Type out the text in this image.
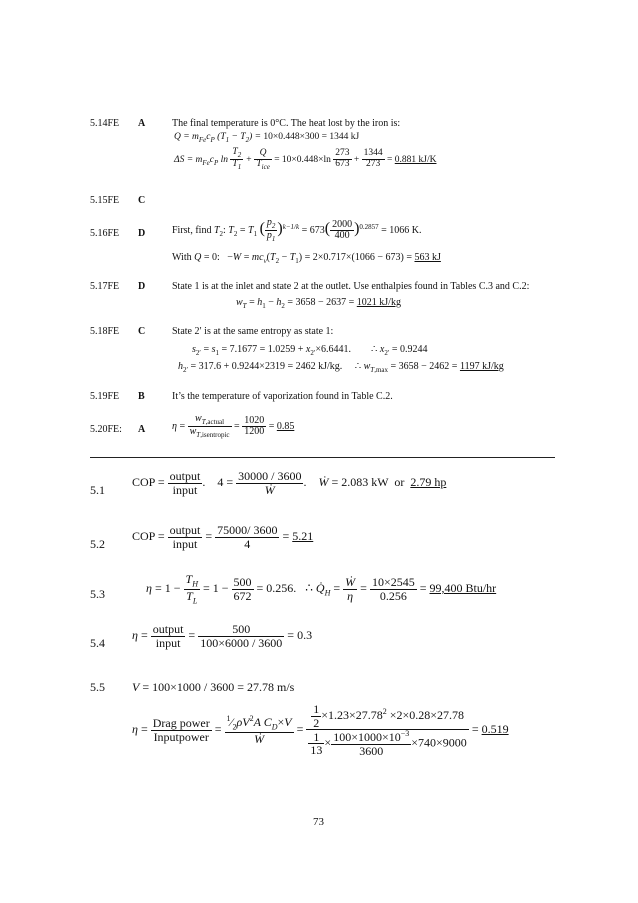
5.14FE A	The final temperature is 0°C. The heat lost by the iron is:
$Q = m_{Fe}c_P$ $(T_1 - T_2) = 10\times 0.448\times 300 = 1344$ kJ
$\Delta S = m_{Fe}c_P$ $\ln \frac{T_2}{T_1} + \frac{Q}{T_{ice}} = 10\times 0.448\times\ln \frac{273}{673} + \frac{1344}{273} = 0.881$ kJ/K
5.15FE C
5.16FE D	First, find $T_2$: $T_2 = T_1$ ( $\frac{p_2}{p_1} )^{k-1/k} = 673( \frac{2000}{400} )^{0.2857} = 1066$ K.
With Q = 0:   $-W = mc_v(T_2 - T_1) = 2\times 0.717\times(1066 - 673) = 563$ kJ
5.17FE D	State 1 is at the inlet and state 2 at the outlet. Use enthalpies found in Tables C.3 and C.2:
$w_T = h_1 - h_2 = 3658 - 2637 = 1021$ kJ/kg
5.18FE C	State 2′ is at the same entropy as state 1:
$s_{2'} = s_1 = 7.1677 = 1.0259 + x_{2'}\times 6.6441$.        ∴ $x_{2'} = 0.9244$
$h_{2'} = 317.6 + 0.9244\times 2319 = 2462$ kJ/kg.     ∴ $w_{T,max} = 3658 - 2462 = 1197$ kJ/kg
5.19FE B	It’s the temperature of vaporization found in Table C.2.
5.20FE: A	$\eta = \frac{w_{T,actual}}{w_{T,isentropic}} = \frac{1020}{1200} = 0.85$
5.1
COP = $\frac{\text{output}}{\text{input}}$ .    $4 = \frac{30000 / 3600}{\text{Ẇ}}$ .    Ẇ = 2.083 kW  or  2.79 hp
5.2
COP = $\frac{\text{output}}{\text{input}} = \frac{75000/ 3600}{4} = 5.21$
5.3	$\eta = 1 - \frac{T_H}{T_L} = 1 - \frac{500}{672} = 0.256$.   ∴ $Q̇_H = \frac{\text{Ẇ}}{\eta} = \frac{10\times 2545}{0.256} = 99,400$ Btu/hr
5.4
$\eta = \frac{\text{output}}{\text{input}} = \frac{500}{100\times 6000 / 3600} = 0.3$
5.5 V = 100×1000 / 3600 = 27.78 m/s
$\eta = \frac{\text{Drag power}}{\text{Inputpower}} = \frac{^1⁄_2\rho V^2A C_D\times V}{\text{Ẇ}} = \frac{\frac{1}{2} \times 1.23\times 27.78^2 \times 2\times 0.28\times 27.78}{\frac{1}{13} \times \frac{100\times 1000\times 10^{-3}}{3600} \times 740\times 9000} = 0.519$
73
